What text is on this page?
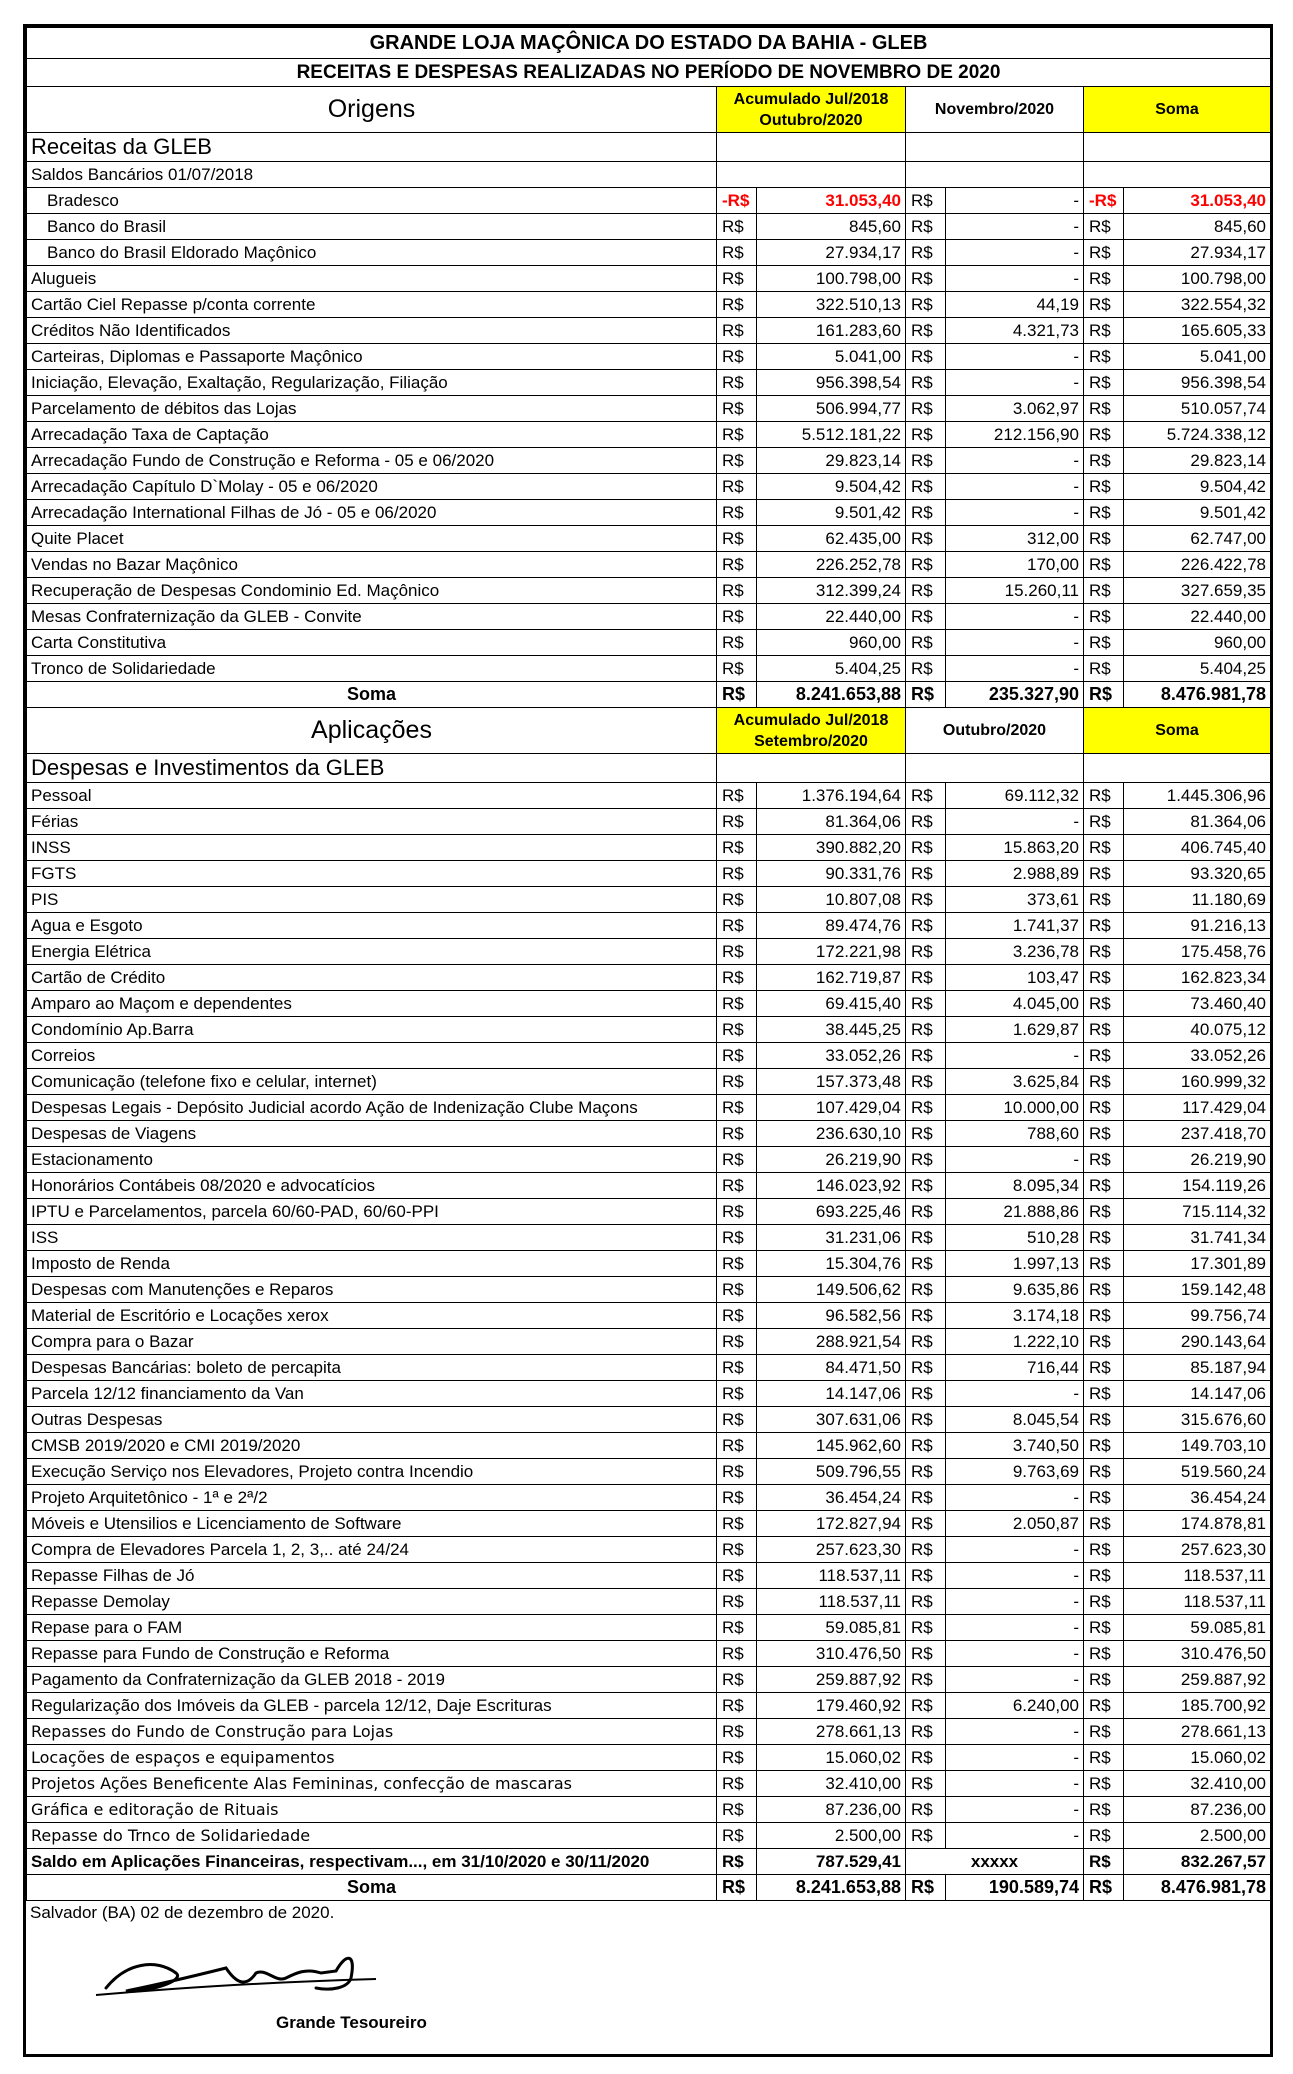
GRANDE LOJA MAÇÔNICA DO ESTADO DA BAHIA - GLEB						
RECEITAS E DESPESAS REALIZADAS NO PERÍODO DE NOVEMBRO DE 2020						
Origens	Acumulado Jul/2018 Outubro/2020		Novembro/2020		Soma	
Receitas da GLEB						
Saldos Bancários 01/07/2018						
Bradesco	-R$	31.053,40	R$	-	-R$	31.053,40
Banco do Brasil	R$	845,60	R$	-	R$	845,60
Banco do Brasil Eldorado Maçônico	R$	27.934,17	R$	-	R$	27.934,17
Alugueis	R$	100.798,00	R$	-	R$	100.798,00
Cartão Ciel Repasse p/conta corrente	R$	322.510,13	R$	44,19	R$	322.554,32
Créditos Não Identificados	R$	161.283,60	R$	4.321,73	R$	165.605,33
Carteiras, Diplomas e Passaporte Maçônico	R$	5.041,00	R$	-	R$	5.041,00
Iniciação, Elevação, Exaltação, Regularização, Filiação	R$	956.398,54	R$	-	R$	956.398,54
Parcelamento de débitos das Lojas	R$	506.994,77	R$	3.062,97	R$	510.057,74
Arrecadação Taxa de Captação	R$	5.512.181,22	R$	212.156,90	R$	5.724.338,12
Arrecadação Fundo de Construção e Reforma - 05 e 06/2020	R$	29.823,14	R$	-	R$	29.823,14
Arrecadação Capítulo D`Molay - 05 e 06/2020	R$	9.504,42	R$	-	R$	9.504,42
Arrecadação International Filhas de Jó - 05 e 06/2020	R$	9.501,42	R$	-	R$	9.501,42
Quite Placet	R$	62.435,00	R$	312,00	R$	62.747,00
Vendas no Bazar Maçônico	R$	226.252,78	R$	170,00	R$	226.422,78
Recuperação de Despesas Condominio Ed. Maçônico	R$	312.399,24	R$	15.260,11	R$	327.659,35
Mesas Confraternização da GLEB - Convite	R$	22.440,00	R$	-	R$	22.440,00
Carta Constitutiva	R$	960,00	R$	-	R$	960,00
Tronco de Solidariedade	R$	5.404,25	R$	-	R$	5.404,25
Soma	R$	8.241.653,88	R$	235.327,90	R$	8.476.981,78
Aplicações	Acumulado Jul/2018 Setembro/2020		Outubro/2020		Soma	
Despesas e Investimentos da GLEB						
Pessoal	R$	1.376.194,64	R$	69.112,32	R$	1.445.306,96
Férias	R$	81.364,06	R$	-	R$	81.364,06
INSS	R$	390.882,20	R$	15.863,20	R$	406.745,40
FGTS	R$	90.331,76	R$	2.988,89	R$	93.320,65
PIS	R$	10.807,08	R$	373,61	R$	11.180,69
Agua e Esgoto	R$	89.474,76	R$	1.741,37	R$	91.216,13
Energia Elétrica	R$	172.221,98	R$	3.236,78	R$	175.458,76
Cartão de Crédito	R$	162.719,87	R$	103,47	R$	162.823,34
Amparo ao Maçom e dependentes	R$	69.415,40	R$	4.045,00	R$	73.460,40
Condomínio Ap.Barra	R$	38.445,25	R$	1.629,87	R$	40.075,12
Correios	R$	33.052,26	R$	-	R$	33.052,26
Comunicação (telefone fixo e celular, internet)	R$	157.373,48	R$	3.625,84	R$	160.999,32
Despesas Legais - Depósito Judicial acordo Ação de Indenização Clube Maçons	R$	107.429,04	R$	10.000,00	R$	117.429,04
Despesas de Viagens	R$	236.630,10	R$	788,60	R$	237.418,70
Estacionamento	R$	26.219,90	R$	-	R$	26.219,90
Honorários Contábeis 08/2020 e advocatícios	R$	146.023,92	R$	8.095,34	R$	154.119,26
IPTU e Parcelamentos, parcela 60/60-PAD, 60/60-PPI	R$	693.225,46	R$	21.888,86	R$	715.114,32
ISS	R$	31.231,06	R$	510,28	R$	31.741,34
Imposto de Renda	R$	15.304,76	R$	1.997,13	R$	17.301,89
Despesas com Manutenções e Reparos	R$	149.506,62	R$	9.635,86	R$	159.142,48
Material de Escritório e Locações xerox	R$	96.582,56	R$	3.174,18	R$	99.756,74
Compra para o Bazar	R$	288.921,54	R$	1.222,10	R$	290.143,64
Despesas Bancárias: boleto de percapita	R$	84.471,50	R$	716,44	R$	85.187,94
Parcela 12/12 financiamento da Van	R$	14.147,06	R$	-	R$	14.147,06
Outras Despesas	R$	307.631,06	R$	8.045,54	R$	315.676,60
CMSB 2019/2020 e CMI 2019/2020	R$	145.962,60	R$	3.740,50	R$	149.703,10
Execução Serviço nos Elevadores, Projeto contra Incendio	R$	509.796,55	R$	9.763,69	R$	519.560,24
Projeto Arquitetônico - 1ª e 2ª/2	R$	36.454,24	R$	-	R$	36.454,24
Móveis e Utensilios e Licenciamento de Software	R$	172.827,94	R$	2.050,87	R$	174.878,81
Compra de Elevadores Parcela 1, 2, 3,.. até 24/24	R$	257.623,30	R$	-	R$	257.623,30
Repasse Filhas de Jó	R$	118.537,11	R$	-	R$	118.537,11
Repasse Demolay	R$	118.537,11	R$	-	R$	118.537,11
Repase para o FAM	R$	59.085,81	R$	-	R$	59.085,81
Repasse para Fundo de Construção e Reforma	R$	310.476,50	R$	-	R$	310.476,50
Pagamento da Confraternização da GLEB 2018 - 2019	R$	259.887,92	R$	-	R$	259.887,92
Regularização dos Imóveis da GLEB - parcela 12/12, Daje Escrituras	R$	179.460,92	R$	6.240,00	R$	185.700,92
Repasses do Fundo de Construção para Lojas	R$	278.661,13	R$	-	R$	278.661,13
Locações de espaços e equipamentos	R$	15.060,02	R$	-	R$	15.060,02
Projetos Ações Beneficente Alas Femininas, confecção de mascaras	R$	32.410,00	R$	-	R$	32.410,00
Gráfica e editoração de Rituais	R$	87.236,00	R$	-	R$	87.236,00
Repasse do Trnco de Solidariedade	R$	2.500,00	R$	-	R$	2.500,00
Saldo em Aplicações Financeiras, respectivam..., em 31/10/2020 e 30/11/2020	R$	787.529,41	xxxxx		R$	832.267,57
Soma	R$	8.241.653,88	R$	190.589,74	R$	8.476.981,78
Salvador (BA) 02 de dezembro de 2020.
Grande Tesoureiro
